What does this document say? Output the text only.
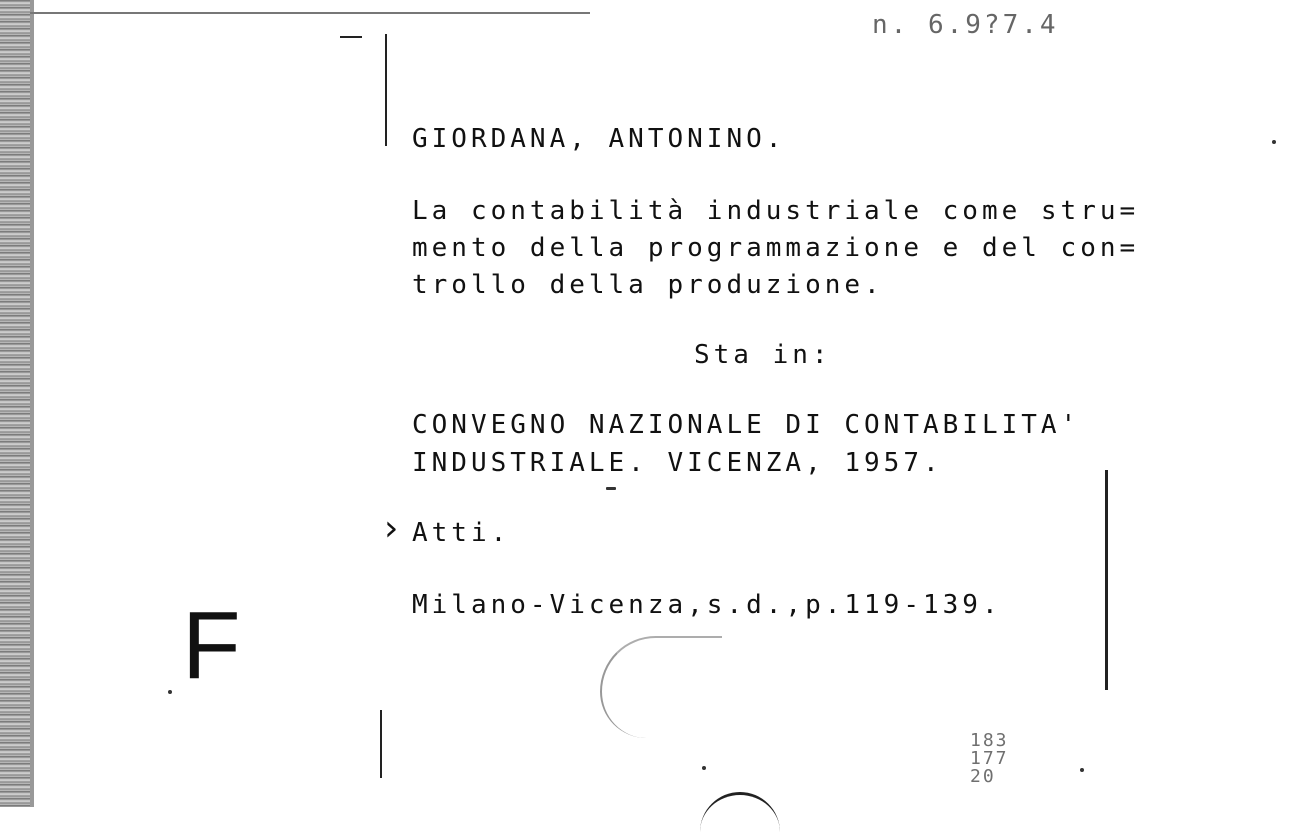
n. 6.9?7.4
GIORDANA, ANTONINO.
La contabilità industriale come stru=
mento della programmazione e del con=
trollo della produzione.
Sta in:
CONVEGNO NAZIONALE DI CONTABILITA'
INDUSTRIALE. VICENZA, 1957.
› Atti.
Milano-Vicenza,s.d.,p.119-139.
F
183 177 20
